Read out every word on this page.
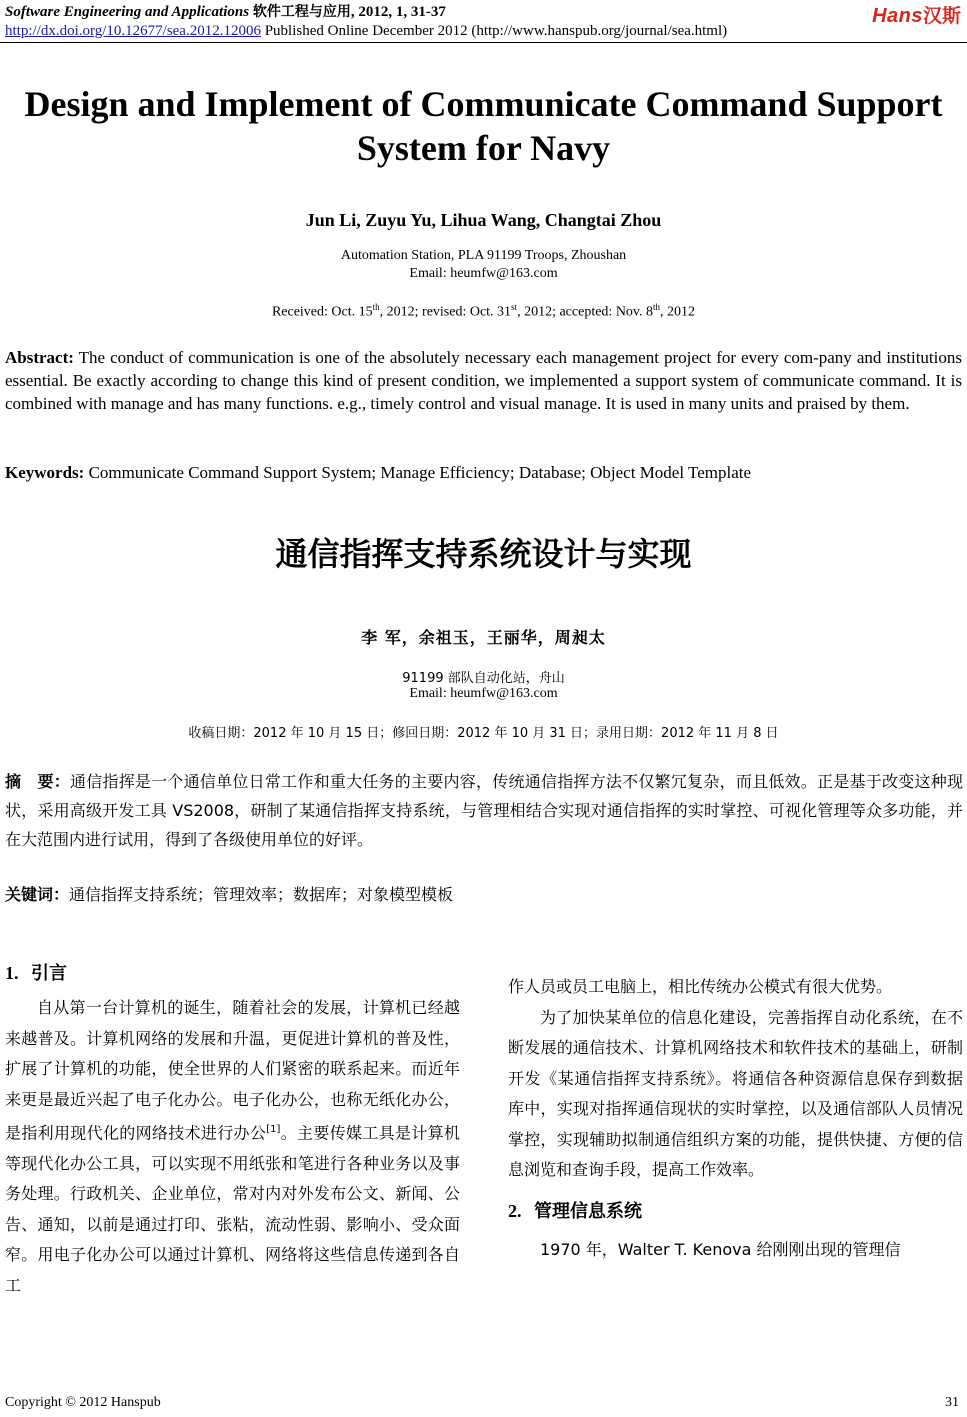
Software Engineering and Applications 软件工程与应用, 2012, 1, 31-37
http://dx.doi.org/10.12677/sea.2012.12006 Published Online December 2012 (http://www.hanspub.org/journal/sea.html)
Hans汉斯
Design and Implement of Communicate Command Support
System for Navy
Jun Li, Zuyu Yu, Lihua Wang, Changtai Zhou
Automation Station, PLA 91199 Troops, Zhoushan
Email: heumfw@163.com
Received: Oct. 15th, 2012; revised: Oct. 31st, 2012; accepted: Nov. 8th, 2012
Abstract: The conduct of communication is one of the absolutely necessary each management project for every com-pany and institutions essential. Be exactly according to change this kind of present condition, we implemented a support system of communicate command. It is combined with manage and has many functions. e.g., timely control and visual manage. It is used in many units and praised by them.
Keywords: Communicate Command Support System; Manage Efficiency; Database; Object Model Template
通信指挥支持系统设计与实现
李 军，余祖玉，王丽华，周昶太
91199 部队自动化站，舟山
Email: heumfw@163.com
收稿日期：2012 年 10 月 15 日；修回日期：2012 年 10 月 31 日；录用日期：2012 年 11 月 8 日
摘　要：通信指挥是一个通信单位日常工作和重大任务的主要内容，传统通信指挥方法不仅繁冗复杂，而且低效。正是基于改变这种现状，采用高级开发工具 VS2008，研制了某通信指挥支持系统，与管理相结合实现对通信指挥的实时掌控、可视化管理等众多功能，并在大范围内进行试用，得到了各级使用单位的好评。
关键词：通信指挥支持系统；管理效率；数据库；对象模型模板
1. 引言

自从第一台计算机的诞生，随着社会的发展，计算机已经越来越普及。计算机网络的发展和升温，更促进计算机的普及性，扩展了计算机的功能，使全世界的人们紧密的联系起来。而近年来更是最近兴起了电子化办公。电子化办公，也称无纸化办公，是指利用现代化的网络技术进行办公[1]。主要传媒工具是计算机等现代化办公工具，可以实现不用纸张和笔进行各种业务以及事务处理。行政机关、企业单位，常对内对外发布公文、新闻、公告、通知，以前是通过打印、张粘，流动性弱、影响小、受众面窄。用电子化办公可以通过计算机、网络将这些信息传递到各自工

作人员或员工电脑上，相比传统办公模式有很大优势。

为了加快某单位的信息化建设，完善指挥自动化系统，在不断发展的通信技术、计算机网络技术和软件技术的基础上，研制开发《某通信指挥支持系统》。将通信各种资源信息保存到数据库中，实现对指挥通信现状的实时掌控，以及通信部队人员情况掌控，实现辅助拟制通信组织方案的功能，提供快捷、方便的信息浏览和查询手段，提高工作效率。

2. 管理信息系统

1970 年，Walter T. Kenova 给刚刚出现的管理信

Copyright © 2012 Hanspub	31
